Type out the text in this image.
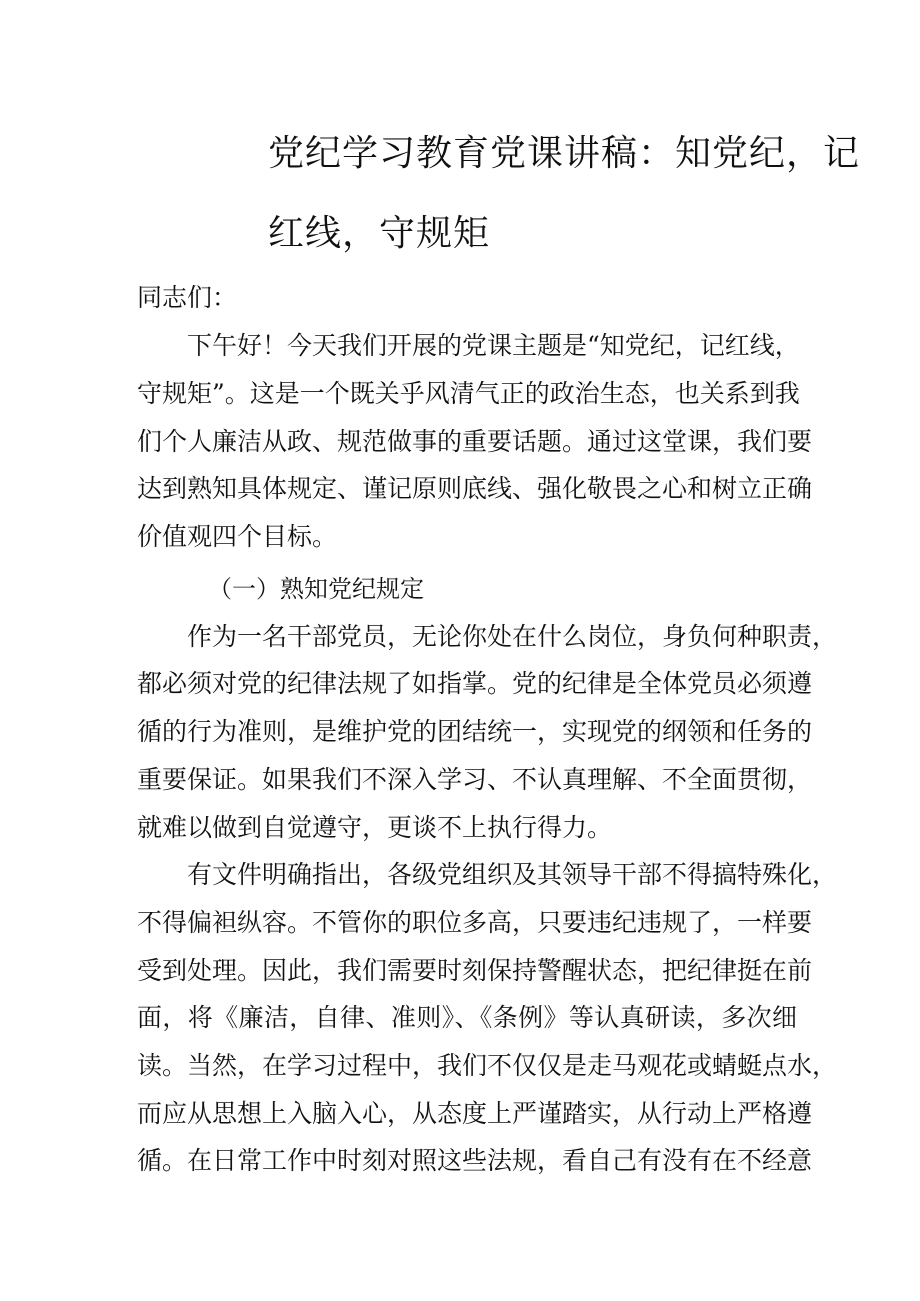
党纪学习教育党课讲稿：知党纪，记
红线，守规矩
同志们：
下午好！今天我们开展的党课主题是“知党纪，记红线，
守规矩”。这是一个既关乎风清气正的政治生态，也关系到我
们个人廉洁从政、规范做事的重要话题。通过这堂课，我们要
达到熟知具体规定、谨记原则底线、强化敬畏之心和树立正确
价值观四个目标。
（一）熟知党纪规定
作为一名干部党员，无论你处在什么岗位，身负何种职责，
都必须对党的纪律法规了如指掌。党的纪律是全体党员必须遵
循的行为准则，是维护党的团结统一，实现党的纲领和任务的
重要保证。如果我们不深入学习、不认真理解、不全面贯彻，
就难以做到自觉遵守，更谈不上执行得力。
有文件明确指出，各级党组织及其领导干部不得搞特殊化，
不得偏袒纵容。不管你的职位多高，只要违纪违规了，一样要
受到处理。因此，我们需要时刻保持警醒状态，把纪律挺在前
面，将《廉洁，自律、准则》、《条例》等认真研读，多次细
读。当然，在学习过程中，我们不仅仅是走马观花或蜻蜓点水，
而应从思想上入脑入心，从态度上严谨踏实，从行动上严格遵
循。在日常工作中时刻对照这些法规，看自己有没有在不经意
